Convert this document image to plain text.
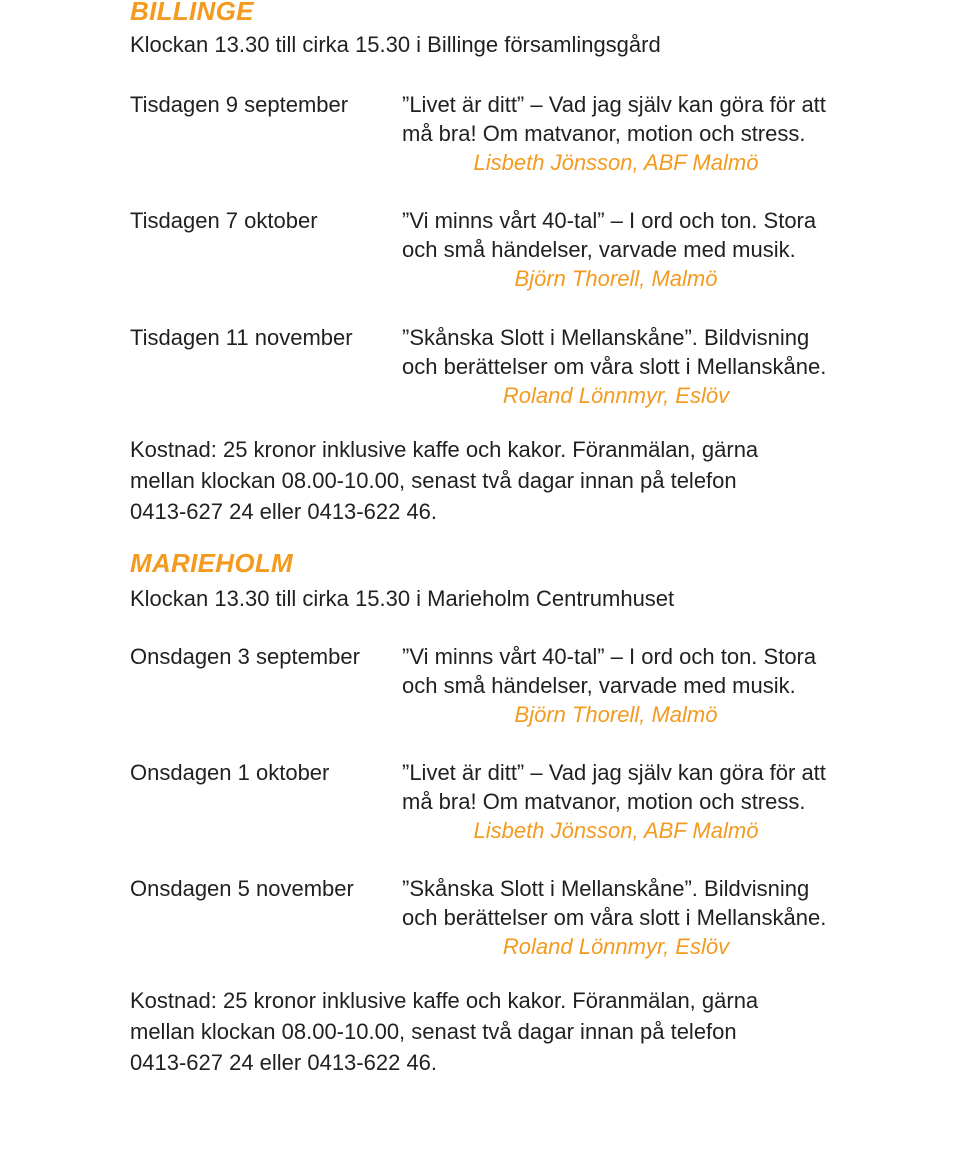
BILLINGE

Klockan 13.30 till cirka 15.30 i Billinge församlingsgård

Tisdagen 9 september ”Livet är ditt” – Vad jag själv kan göra för att
må bra! Om matvanor, motion och stress.
Lisbeth Jönsson, ABF Malmö
Tisdagen 7 oktober	”Vi minns vårt 40-tal” – I ord och ton. Stora
och små händelser, varvade med musik.
Björn Thorell, Malmö
Tisdagen 11 november ”Skånska Slott i Mellanskåne”. Bildvisning
och berättelser om våra slott i Mellanskåne.
Roland Lönnmyr, Eslöv
Kostnad: 25 kronor inklusive kaffe och kakor. Föranmälan, gärna
mellan klockan 08.00-10.00, senast två dagar innan på telefon
0413-627 24 eller 0413-622 46.
MARIEHOLM

Klockan 13.30 till cirka 15.30 i Marieholm Centrumhuset

Onsdagen 3 september ”Vi minns vårt 40-tal” – I ord och ton. Stora
och små händelser, varvade med musik.
Björn Thorell, Malmö
Onsdagen 1 oktober	”Livet är ditt” – Vad jag själv kan göra för att
må bra! Om matvanor, motion och stress.
Lisbeth Jönsson, ABF Malmö
Onsdagen 5 november ”Skånska Slott i Mellanskåne”. Bildvisning
och berättelser om våra slott i Mellanskåne.
Roland Lönnmyr, Eslöv
Kostnad: 25 kronor inklusive kaffe och kakor. Föranmälan, gärna
mellan klockan 08.00-10.00, senast två dagar innan på telefon
0413-627 24 eller 0413-622 46.
